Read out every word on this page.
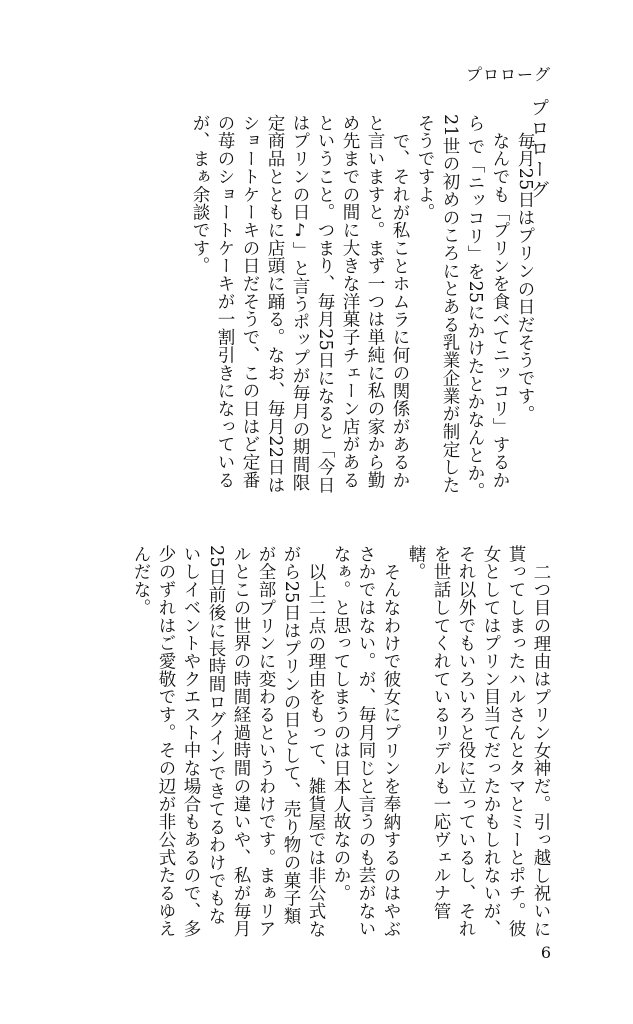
プロローグ
プロローグ

毎月25日はプリンの日だそうです。

なんでも「プリンを食べてニッコリ」するから で「ニッコリ」を25にかけたとかなんとか。21世の初めのころにとある乳業企業が制定したそうですよ。

で、それが私ことホムラに何の関係があるかと言いますと。まず一つは単純に私の家から勤め先までの間に大きな洋菓子チェーン店があるということ。つまり、毎月25日になると「今日はプリンの日♪」と言うポップが毎月の期間限定商品とともに店頭に踊る。なお、毎月22日はショートケーキの日だそうで、この日はど定番の苺のショートケーキが一割引きになっているが、まぁ余談です。

二つ目の理由はプリン女神だ。引っ越し祝いに貰ってしまったハルさんとタマとミーとポチ。彼女としてはプリン目当てだったかもしれないが、それ以外でもいろいろと役に立っているし、それを世話してくれているリデルも一応ヴェルナ管轄。

そんなわけで彼女にプリンを奉納するのはやぶさかではない。が、毎月同じと言うのも芸がないなぁ。と思ってしまうのは日本人故なのか。

以上二点の理由をもって、雑貨屋では非公式ながら25日はプリンの日として、売り物の菓子類が全部プリンに変わるというわけです。まぁリアルとこの世界の時間経過時間の違いや、私が毎月25日前後に長時間ログインできてるわけでもないしイベントやクエスト中な場合もあるので、多少のずれはご愛敬です。その辺が非公式たるゆえんだな。

6
